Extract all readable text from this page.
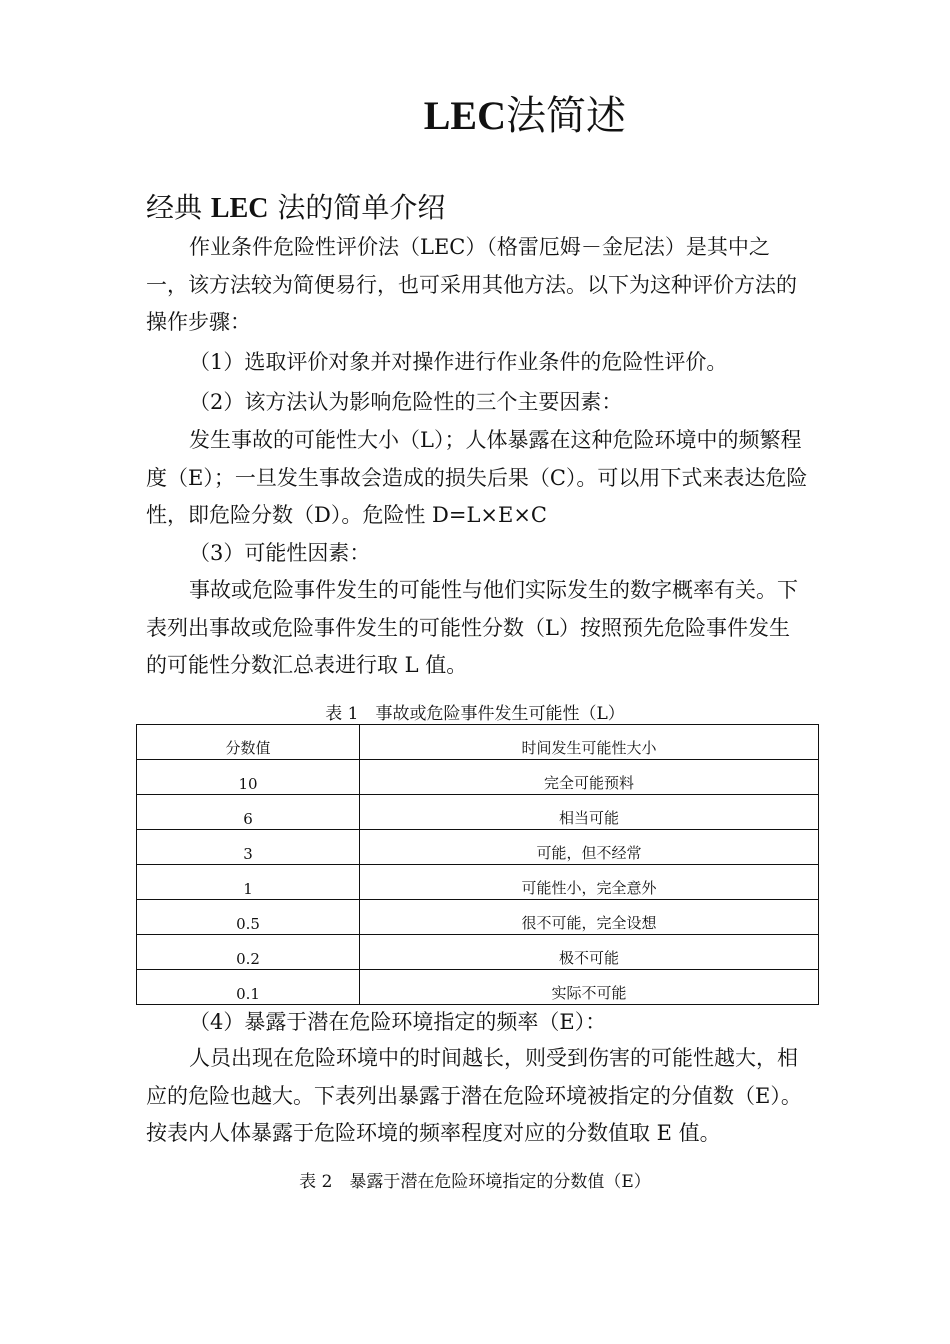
LEC法简述
经典 LEC 法的简单介绍
作业条件危险性评价法（LEC）（格雷厄姆－金尼法）是其中之一，该方法较为简便易行，也可采用其他方法。以下为这种评价方法的操作步骤：
（1）选取评价对象并对操作进行作业条件的危险性评价。
（2）该方法认为影响危险性的三个主要因素：
发生事故的可能性大小（L）；人体暴露在这种危险环境中的频繁程度（E）；一旦发生事故会造成的损失后果（C）。可以用下式来表达危险性，即危险分数（D）。危险性 D=L×E×C
（3）可能性因素：
事故或危险事件发生的可能性与他们实际发生的数字概率有关。下表列出事故或危险事件发生的可能性分数（L）按照预先危险事件发生的可能性分数汇总表进行取 L 值。
表 1　事故或危险事件发生可能性（L）
分数值	时间发生可能性大小
10	完全可能预料
6	相当可能
3	可能，但不经常
1	可能性小，完全意外
0.5	很不可能，完全设想
0.2	极不可能
0.1	实际不可能
（4）暴露于潜在危险环境指定的频率（E）：
人员出现在危险环境中的时间越长，则受到伤害的可能性越大，相应的危险也越大。下表列出暴露于潜在危险环境被指定的分值数（E）。按表内人体暴露于危险环境的频率程度对应的分数值取 E 值。
表 2　暴露于潜在危险环境指定的分数值（E）
